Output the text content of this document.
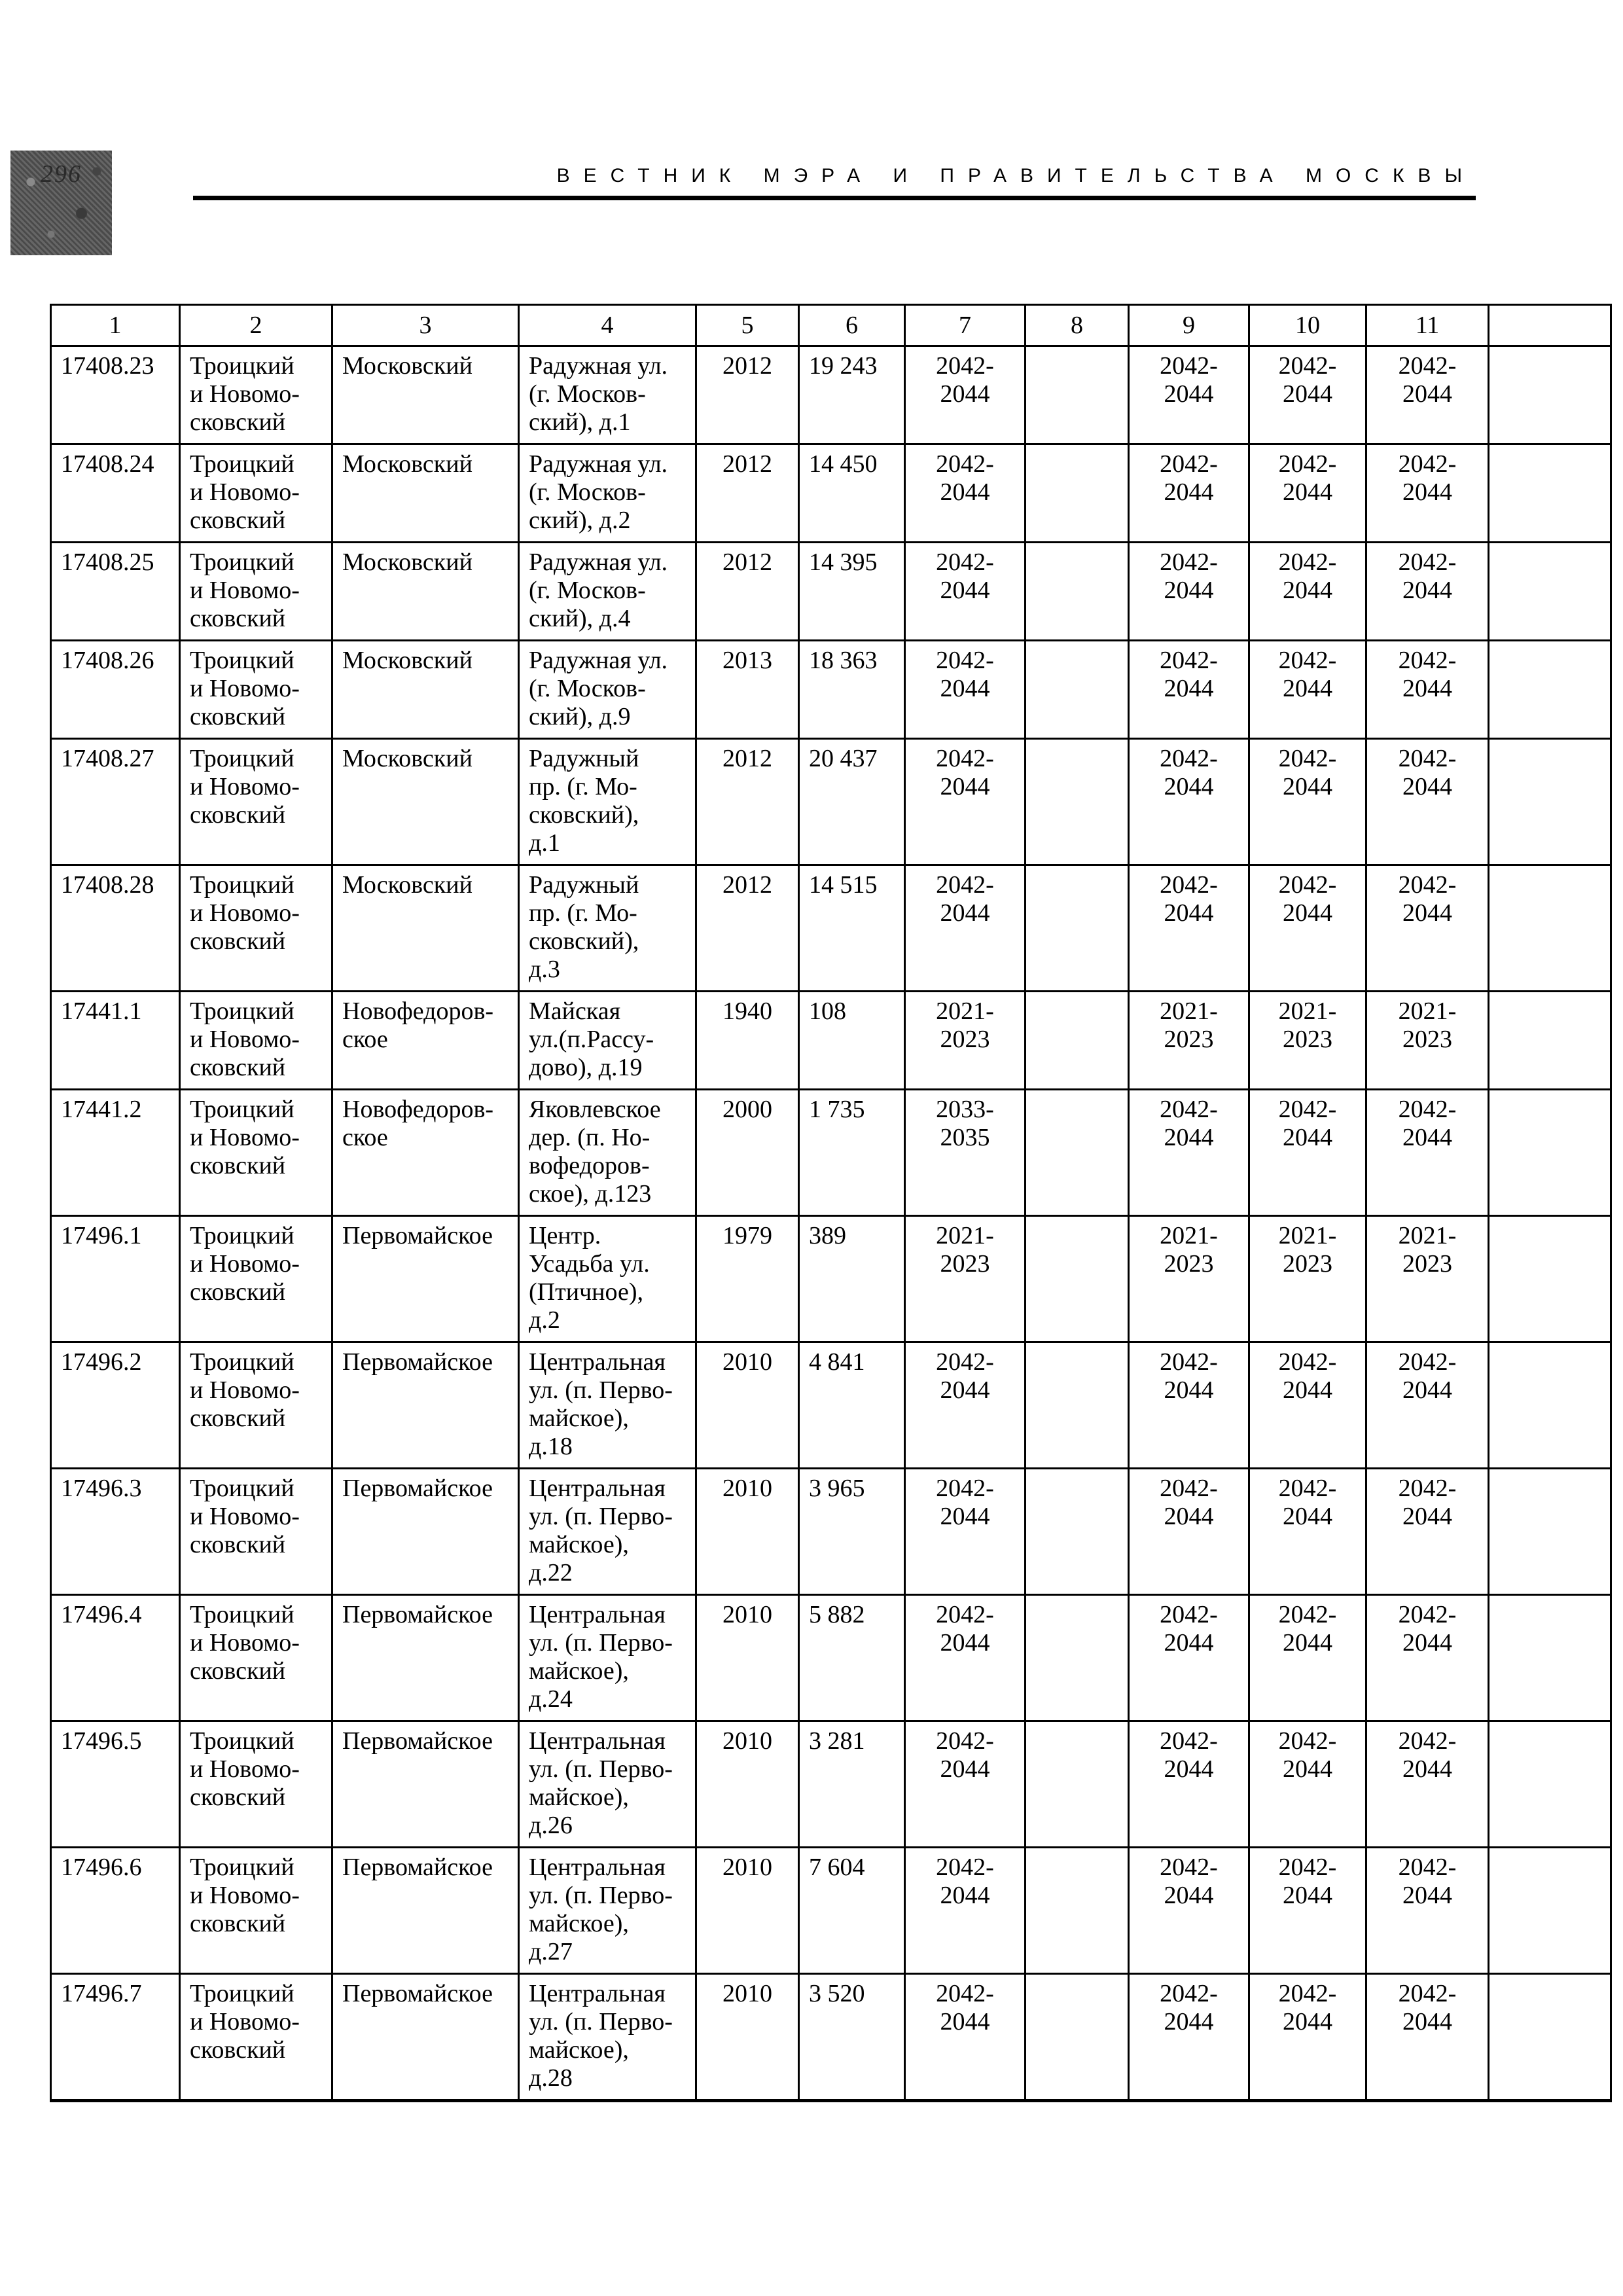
296	ВЕСТНИК МЭРА И ПРАВИТЕЛЬСТВА МОСКВЫ
1	2	3	4	5	6	7	8	9	10	11	
17408.23	Троицкий
и Новомо-
сковский	Московский	Радужная ул.
(г. Москов-
ский), д.1	2012	19 243	2042-
2044		2042-
2044	2042-
2044	2042-
2044	
17408.24	Троицкий
и Новомо-
сковский	Московский	Радужная ул.
(г. Москов-
ский), д.2	2012	14 450	2042-
2044		2042-
2044	2042-
2044	2042-
2044	
17408.25	Троицкий
и Новомо-
сковский	Московский	Радужная ул.
(г. Москов-
ский), д.4	2012	14 395	2042-
2044		2042-
2044	2042-
2044	2042-
2044	
17408.26	Троицкий
и Новомо-
сковский	Московский	Радужная ул.
(г. Москов-
ский), д.9	2013	18 363	2042-
2044		2042-
2044	2042-
2044	2042-
2044	
17408.27	Троицкий
и Новомо-
сковский	Московский	Радужный
пр. (г. Мо-
сковский),
д.1	2012	20 437	2042-
2044		2042-
2044	2042-
2044	2042-
2044	
17408.28	Троицкий
и Новомо-
сковский	Московский	Радужный
пр. (г. Мо-
сковский),
д.3	2012	14 515	2042-
2044		2042-
2044	2042-
2044	2042-
2044	
17441.1	Троицкий
и Новомо-
сковский	Новофедоров-
ское	Майская
ул.(п.Рассу-
дово), д.19	1940	108	2021-
2023		2021-
2023	2021-
2023	2021-
2023	
17441.2	Троицкий
и Новомо-
сковский	Новофедоров-
ское	Яковлевское
дер. (п. Но-
вофедоров-
ское), д.123	2000	1 735	2033-
2035		2042-
2044	2042-
2044	2042-
2044	
17496.1	Троицкий
и Новомо-
сковский	Первомайское	Центр.
Усадьба ул.
(Птичное),
д.2	1979	389	2021-
2023		2021-
2023	2021-
2023	2021-
2023	
17496.2	Троицкий
и Новомо-
сковский	Первомайское	Центральная
ул. (п. Перво-
майское),
д.18	2010	4 841	2042-
2044		2042-
2044	2042-
2044	2042-
2044	
17496.3	Троицкий
и Новомо-
сковский	Первомайское	Центральная
ул. (п. Перво-
майское),
д.22	2010	3 965	2042-
2044		2042-
2044	2042-
2044	2042-
2044	
17496.4	Троицкий
и Новомо-
сковский	Первомайское	Центральная
ул. (п. Перво-
майское),
д.24	2010	5 882	2042-
2044		2042-
2044	2042-
2044	2042-
2044	
17496.5	Троицкий
и Новомо-
сковский	Первомайское	Центральная
ул. (п. Перво-
майское),
д.26	2010	3 281	2042-
2044		2042-
2044	2042-
2044	2042-
2044	
17496.6	Троицкий
и Новомо-
сковский	Первомайское	Центральная
ул. (п. Перво-
майское),
д.27	2010	7 604	2042-
2044		2042-
2044	2042-
2044	2042-
2044	
17496.7	Троицкий
и Новомо-
сковский	Первомайское	Центральная
ул. (п. Перво-
майское),
д.28	2010	3 520	2042-
2044		2042-
2044	2042-
2044	2042-
2044	
